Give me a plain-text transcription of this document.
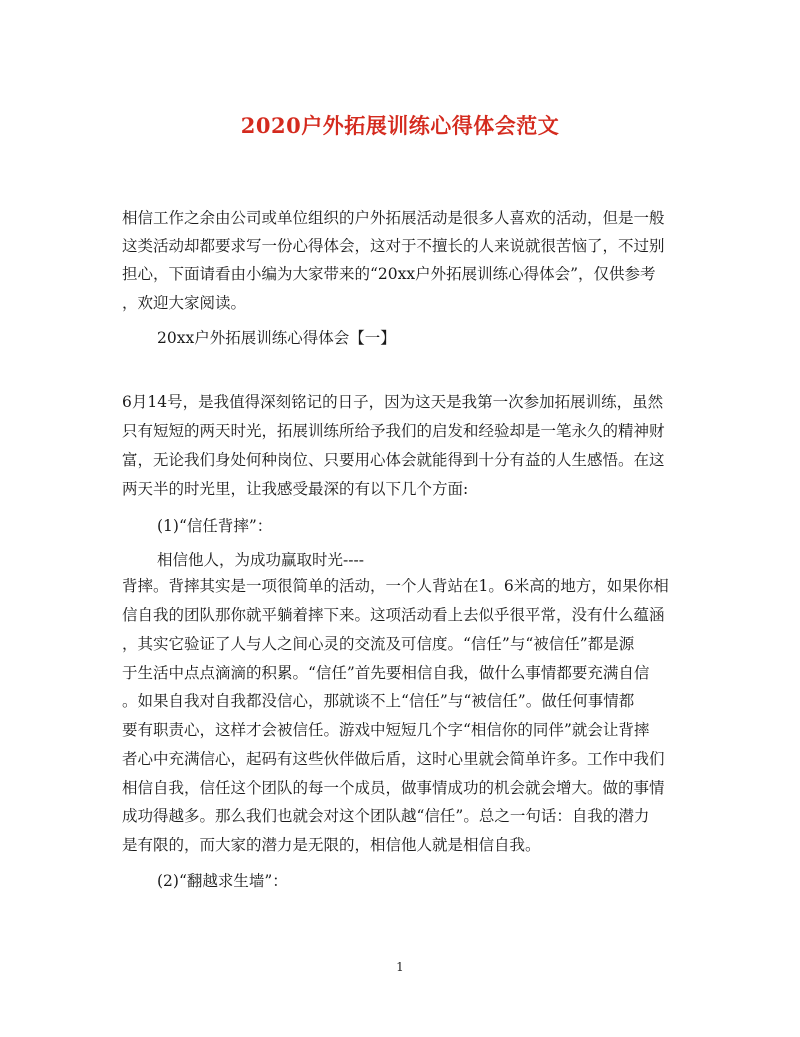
2020户外拓展训练心得体会范文
相信工作之余由公司或单位组织的户外拓展活动是很多人喜欢的活动，但是一般
这类活动却都要求写一份心得体会，这对于不擅长的人来说就很苦恼了，不过别
担心，下面请看由小编为大家带来的“20xx户外拓展训练心得体会”，仅供参考
，欢迎大家阅读。
20xx户外拓展训练心得体会【一】
6月14号，是我值得深刻铭记的日子，因为这天是我第一次参加拓展训练，虽然
只有短短的两天时光，拓展训练所给予我们的启发和经验却是一笔永久的精神财
富，无论我们身处何种岗位、只要用心体会就能得到十分有益的人生感悟。在这
两天半的时光里，让我感受最深的有以下几个方面:
(1)“信任背摔”：
相信他人，为成功赢取时光----
背摔。背摔其实是一项很简单的活动，一个人背站在1。6米高的地方，如果你相
信自我的团队那你就平躺着摔下来。这项活动看上去似乎很平常，没有什么蕴涵
，其实它验证了人与人之间心灵的交流及可信度。“信任”与“被信任”都是源
于生活中点点滴滴的积累。“信任”首先要相信自我，做什么事情都要充满自信
。如果自我对自我都没信心，那就谈不上“信任”与“被信任”。做任何事情都
要有职责心，这样才会被信任。游戏中短短几个字“相信你的同伴”就会让背摔
者心中充满信心，起码有这些伙伴做后盾，这时心里就会简单许多。工作中我们
相信自我，信任这个团队的每一个成员，做事情成功的机会就会增大。做的事情
成功得越多。那么我们也就会对这个团队越“信任”。总之一句话：自我的潜力
是有限的，而大家的潜力是无限的，相信他人就是相信自我。
(2)“翻越求生墙”：
1
